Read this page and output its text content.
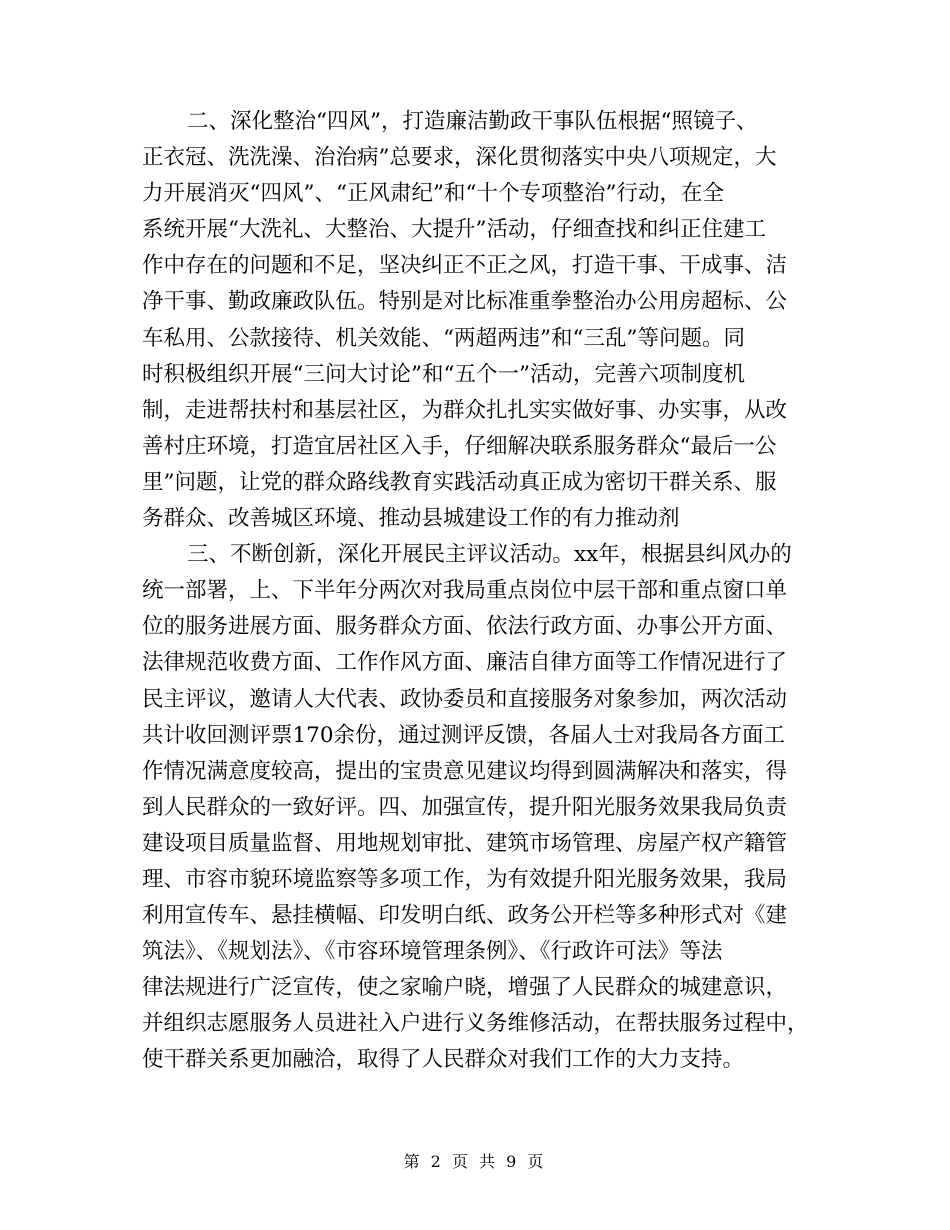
二、深化整治“四风”，打造廉洁勤政干事队伍根据“照镜子、
正衣冠、洗洗澡、治治病”总要求，深化贯彻落实中央八项规定，大
力开展消灭“四风”、“正风肃纪”和“十个专项整治”行动，在全
系统开展“大洗礼、大整治、大提升”活动，仔细查找和纠正住建工
作中存在的问题和不足，坚决纠正不正之风，打造干事、干成事、洁
净干事、勤政廉政队伍。特别是对比标准重拳整治办公用房超标、公
车私用、公款接待、机关效能、“两超两违”和“三乱”等问题。同
时积极组织开展“三问大讨论”和“五个一”活动，完善六项制度机
制，走进帮扶村和基层社区，为群众扎扎实实做好事、办实事，从改
善村庄环境，打造宜居社区入手，仔细解决联系服务群众“最后一公
里”问题，让党的群众路线教育实践活动真正成为密切干群关系、服
务群众、改善城区环境、推动县城建设工作的有力推动剂
三、不断创新，深化开展民主评议活动。xx年，根据县纠风办的
统一部署，上、下半年分两次对我局重点岗位中层干部和重点窗口单
位的服务进展方面、服务群众方面、依法行政方面、办事公开方面、
法律规范收费方面、工作作风方面、廉洁自律方面等工作情况进行了
民主评议，邀请人大代表、政协委员和直接服务对象参加，两次活动
共计收回测评票170余份，通过测评反馈，各届人士对我局各方面工
作情况满意度较高，提出的宝贵意见建议均得到圆满解决和落实，得
到人民群众的一致好评。四、加强宣传，提升阳光服务效果我局负责
建设项目质量监督、用地规划审批、建筑市场管理、房屋产权产籍管
理、市容市貌环境监察等多项工作，为有效提升阳光服务效果，我局
利用宣传车、悬挂横幅、印发明白纸、政务公开栏等多种形式对《建
筑法》、《规划法》、《市容环境管理条例》、《行政许可法》等法
律法规进行广泛宣传，使之家喻户晓，增强了人民群众的城建意识，
并组织志愿服务人员进社入户进行义务维修活动，在帮扶服务过程中，
使干群关系更加融洽，取得了人民群众对我们工作的大力支持。
第 2 页 共 9 页
